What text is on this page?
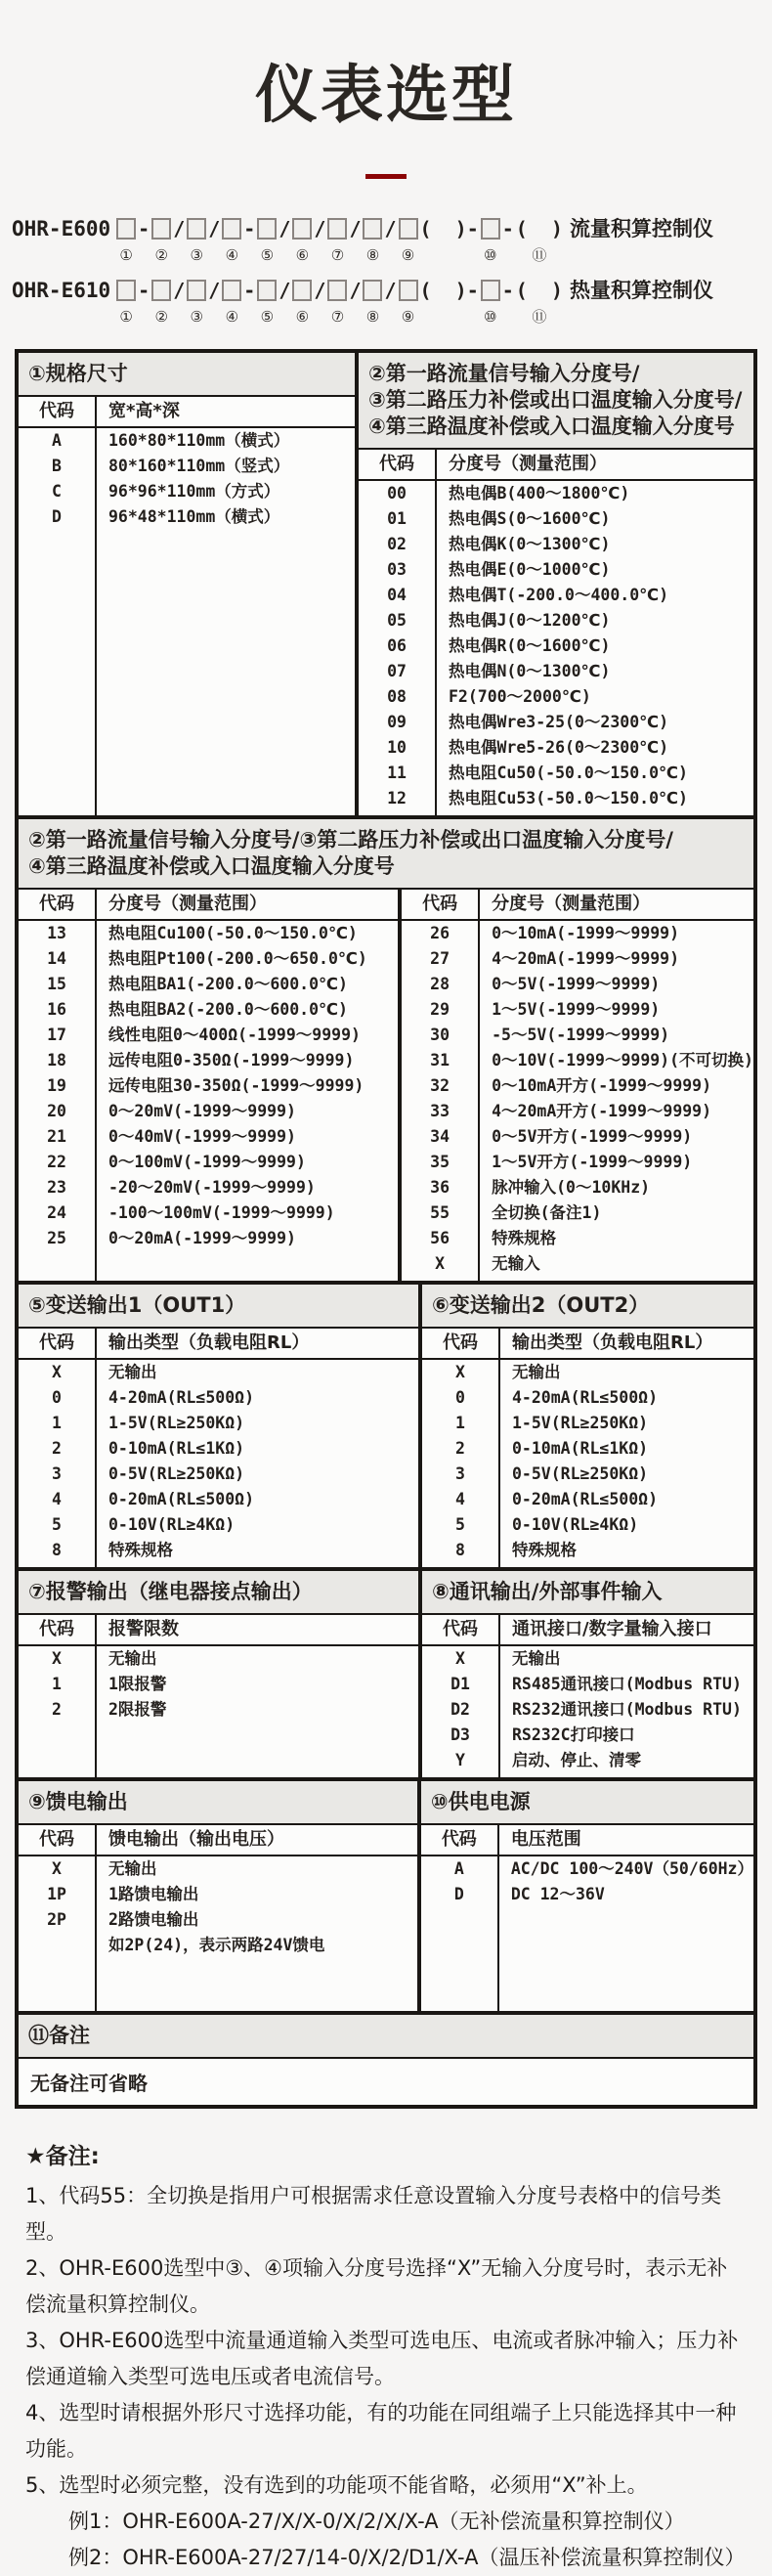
仪表选型
OHR-E600
①
-
②
/
③
/
④
-
⑤
/
⑥
/
⑦
/
⑧
/
⑨
(  )-
⑩
- (  )
⑪
流量积算控制仪
OHR-E610
①
-
②
/
③
/
④
-
⑤
/
⑥
/
⑦
/
⑧
/
⑨
(  )-
⑩
- (  )
⑪
热量积算控制仪
①规格尺寸
代码	宽*高*深
A	160*80*110mm（横式）
B	80*160*110mm（竖式）
C	96*96*110mm（方式）
D	96*48*110mm（横式）
②第一路流量信号输入分度号/
③第二路压力补偿或出口温度输入分度号/
④第三路温度补偿或入口温度输入分度号
代码	分度号（测量范围）
00	热电偶B(400～1800℃)
01	热电偶S(0～1600℃)
02	热电偶K(0～1300℃)
03	热电偶E(0～1000℃)
04	热电偶T(-200.0～400.0℃)
05	热电偶J(0～1200℃)
06	热电偶R(0～1600℃)
07	热电偶N(0～1300℃)
08	F2(700～2000℃)
09	热电偶Wre3-25(0～2300℃)
10	热电偶Wre5-26(0～2300℃)
11	热电阻Cu50(-50.0～150.0℃)
12	热电阻Cu53(-50.0～150.0℃)
②第一路流量信号输入分度号/③第二路压力补偿或出口温度输入分度号/
④第三路温度补偿或入口温度输入分度号
代码	分度号（测量范围）
13	热电阻Cu100(-50.0～150.0℃)
14	热电阻Pt100(-200.0～650.0℃)
15	热电阻BA1(-200.0～600.0℃)
16	热电阻BA2(-200.0～600.0℃)
17	线性电阻0～400Ω(-1999～9999)
18	远传电阻0-350Ω(-1999～9999)
19	远传电阻30-350Ω(-1999～9999)
20	0～20mV(-1999～9999)
21	0～40mV(-1999～9999)
22	0～100mV(-1999～9999)
23	-20～20mV(-1999～9999)
24	-100～100mV(-1999～9999)
25	0～20mA(-1999～9999)
代码	分度号（测量范围）
26	0～10mA(-1999～9999)
27	4～20mA(-1999～9999)
28	0～5V(-1999～9999)
29	1～5V(-1999～9999)
30	-5～5V(-1999～9999)
31	0～10V(-1999～9999)(不可切换)
32	0～10mA开方(-1999～9999)
33	4～20mA开方(-1999～9999)
34	0～5V开方(-1999～9999)
35	1～5V开方(-1999～9999)
36	脉冲输入(0～10KHz)
55	全切换(备注1)
56	特殊规格
X	无输入
⑤变送输出1（OUT1）
代码	输出类型（负载电阻RL）
X	无输出
0	4-20mA(RL≤500Ω)
1	1-5V(RL≥250KΩ)
2	0-10mA(RL≤1KΩ)
3	0-5V(RL≥250KΩ)
4	0-20mA(RL≤500Ω)
5	0-10V(RL≥4KΩ)
8	特殊规格
⑥变送输出2（OUT2）
代码	输出类型（负载电阻RL）
X	无输出
0	4-20mA(RL≤500Ω)
1	1-5V(RL≥250KΩ)
2	0-10mA(RL≤1KΩ)
3	0-5V(RL≥250KΩ)
4	0-20mA(RL≤500Ω)
5	0-10V(RL≥4KΩ)
8	特殊规格
⑦报警输出（继电器接点输出）
代码	报警限数
X	无输出
1	1限报警
2	2限报警
⑧通讯输出/外部事件输入
代码	通讯接口/数字量输入接口
X	无输出
D1	RS485通讯接口(Modbus RTU)
D2	RS232通讯接口(Modbus RTU)
D3	RS232C打印接口
Y	启动、停止、清零
⑨馈电输出
代码	馈电输出（输出电压）
X	无输出
1P	1路馈电输出
2P	2路馈电输出
如2P(24)，表示两路24V馈电
⑩供电电源
代码	电压范围
A	AC/DC 100～240V（50/60Hz）
D	DC 12～36V
⑪备注
无备注可省略
★备注:
1、代码55：全切换是指用户可根据需求任意设置输入分度号表格中的信号类型。
2、OHR-E600选型中③、④项输入分度号选择“X”无输入分度号时，表示无补偿流量积算控制仪。
3、OHR-E600选型中流量通道输入类型可选电压、电流或者脉冲输入；压力补偿通道输入类型可选电压或者电流信号。
4、选型时请根据外形尺寸选择功能，有的功能在同组端子上只能选择其中一种功能。
5、选型时必须完整，没有选到的功能项不能省略，必须用“X”补上。
例1：OHR-E600A-27/X/X-0/X/2/X/X-A（无补偿流量积算控制仪）
例2：OHR-E600A-27/27/14-0/X/2/D1/X-A（温压补偿流量积算控制仪）
